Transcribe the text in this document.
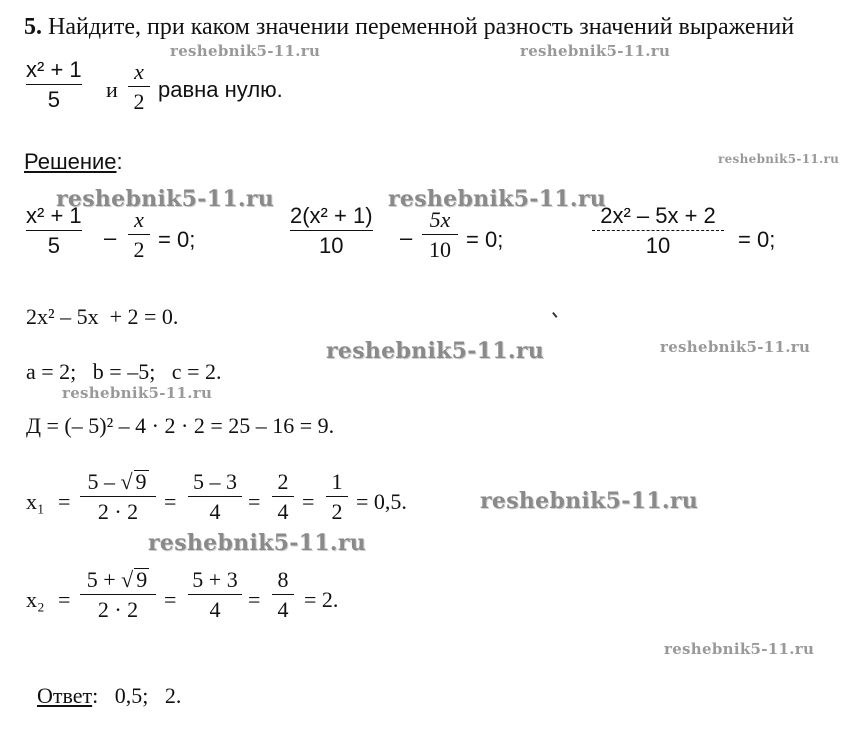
5. Найдите, при каком значении переменной разность значений выражений
x² + 1
5 и
x
2 равна нулю.
Решение:
x² + 1
5 –
x
2 = 0;
2(x² + 1)
10	–
5x
10 = 0;
2x² – 5x + 2
10	= 0;
2x² – 5x  + 2 = 0.
a = 2;   b = –5;   c = 2.
Д = (– 5)² – 4 · 2 · 2 = 25 – 16 = 9.
x₁ =
5 – √ 9
2 · 2 =
5 – 3
4 =
2
4 =
1
2 = 0,5.
x₂ =
5 + √ 9
2 · 2 =
5 + 3
4 =
8
4 = 2.

Ответ: 0,5;   2.

reshebnik5-11.ru	reshebnik5-11.ru
reshebnik5-11.ru
reshebnik5-11.ru	reshebnik5-11.ru
reshebnik5-11.ru	reshebnik5-11.ru
reshebnik5-11.ru
reshebnik5-11.ru
reshebnik5-11.ru
reshebnik5-11.ru
